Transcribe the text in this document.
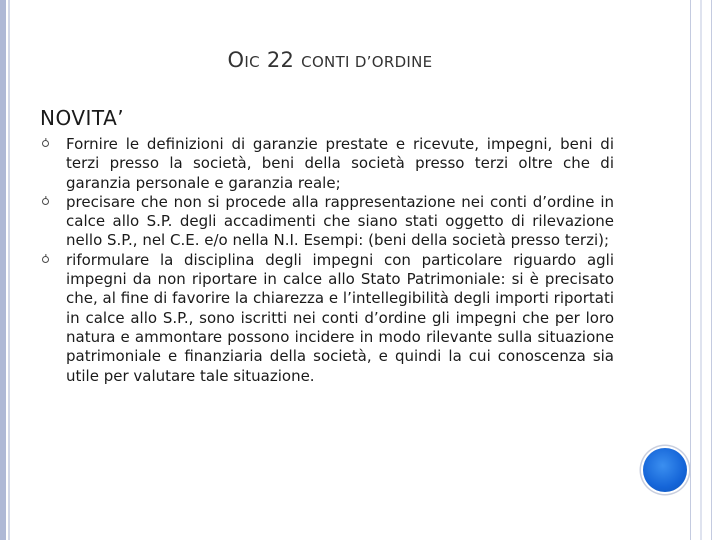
OIC 22 CONTI D’ORDINE
NOVITA’
Fornire le definizioni di garanzie prestate e ricevute, impegni, beni di terzi presso la società, beni della società presso terzi oltre che di garanzia personale e garanzia reale;
precisare che non si procede alla rappresentazione nei conti d’ordine in calce allo S.P. degli accadimenti che siano stati oggetto di rilevazione nello S.P., nel C.E. e/o nella N.I. Esempi: (beni della società presso terzi);
riformulare la disciplina degli impegni con particolare riguardo agli impegni da non riportare in calce allo Stato Patrimoniale: si è precisato che, al fine di favorire la chiarezza e l’intellegibilità degli importi riportati in calce allo S.P., sono iscritti nei conti d’ordine gli impegni che per loro natura e ammontare possono incidere in modo rilevante sulla situazione patrimoniale e finanziaria della società, e quindi la cui conoscenza sia utile per valutare tale situazione.
